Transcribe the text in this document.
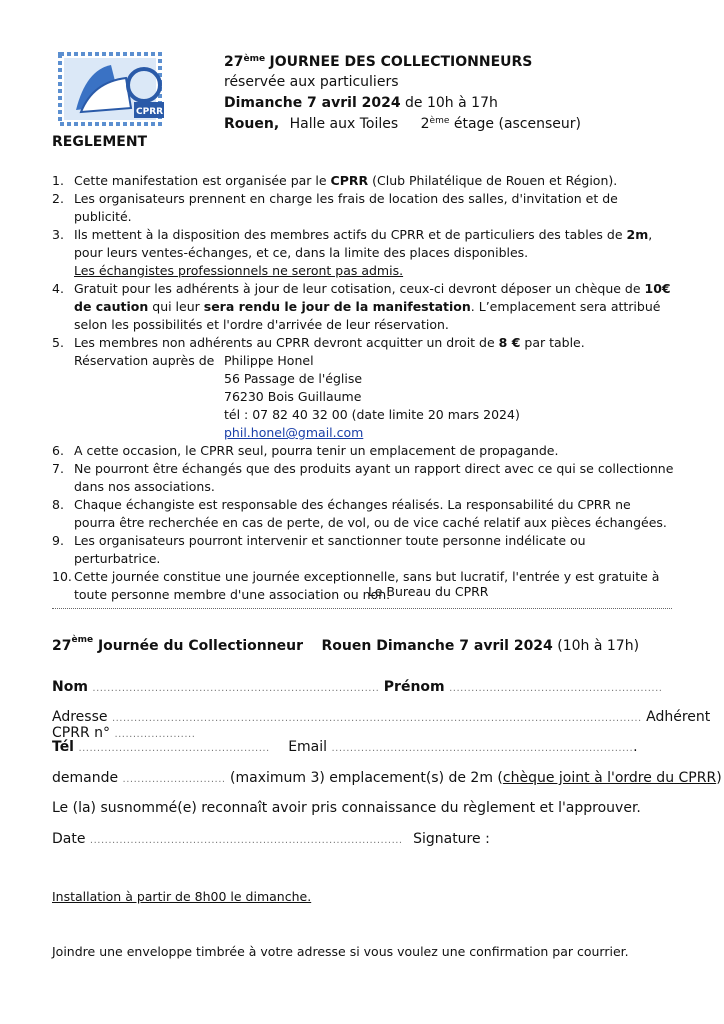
CPRR
27ème JOURNEE DES COLLECTIONNEURS
réservée aux particuliers
Dimanche 7 avril 2024 de 10h à 17h
Rouen, Halle aux Toiles 2ème étage (ascenseur)
REGLEMENT
1. Cette manifestation est organisée par le CPRR (Club Philatélique de Rouen et Région).
2. Les organisateurs prennent en charge les frais de location des salles, d'invitation et de publicité.
3. Ils mettent à la disposition des membres actifs du CPRR et de particuliers des tables de 2m, pour leurs ventes-échanges, et ce, dans la limite des places disponibles.
Les échangistes professionnels ne seront pas admis.
4. Gratuit pour les adhérents à jour de leur cotisation, ceux-ci devront déposer un chèque de 10€ de caution qui leur sera rendu le jour de la manifestation. L’emplacement sera attribué selon les possibilités et l'ordre d'arrivée de leur réservation.
5. Les membres non adhérents au CPRR devront acquitter un droit de 8 € par table.
Réservation auprès de Philippe Honel
56 Passage de l'église
76230 Bois Guillaume
tél : 07 82 40 32 00 (date limite 20 mars 2024)
phil.honel@gmail.com
6. A cette occasion, le CPRR seul, pourra tenir un emplacement de propagande.
7. Ne pourront être échangés que des produits ayant un rapport direct avec ce qui se collectionne dans nos associations.
8. Chaque échangiste est responsable des échanges réalisés. La responsabilité du CPRR ne pourra être recherchée en cas de perte, de vol, ou de vice caché relatif aux pièces échangées.
9. Les organisateurs pourront intervenir et sanctionner toute personne indélicate ou perturbatrice.
10. Cette journée constitue une journée exceptionnelle, sans but lucratif, l'entrée y est gratuite à toute personne membre d'une association ou non.
Le Bureau du CPRR
27ème Journée du Collectionneur Rouen Dimanche 7 avril 2024 (10h à 17h)
Nom .............................................................................. Prénom ..........................................................
Adresse ................................................................................................................................................ Adhérent CPRR n° ......................
Tél .................................................... Email ...................................................................................
demande ............................ (maximum 3) emplacement(s) de 2m (chèque joint à l'ordre du CPRR)
Le (la) susnommé(e) reconnaît avoir pris connaissance du règlement et l'approuver.
Date ..................................................................................... Signature :
Installation à partir de 8h00 le dimanche.
Joindre une enveloppe timbrée à votre adresse si vous voulez une confirmation par courrier.
